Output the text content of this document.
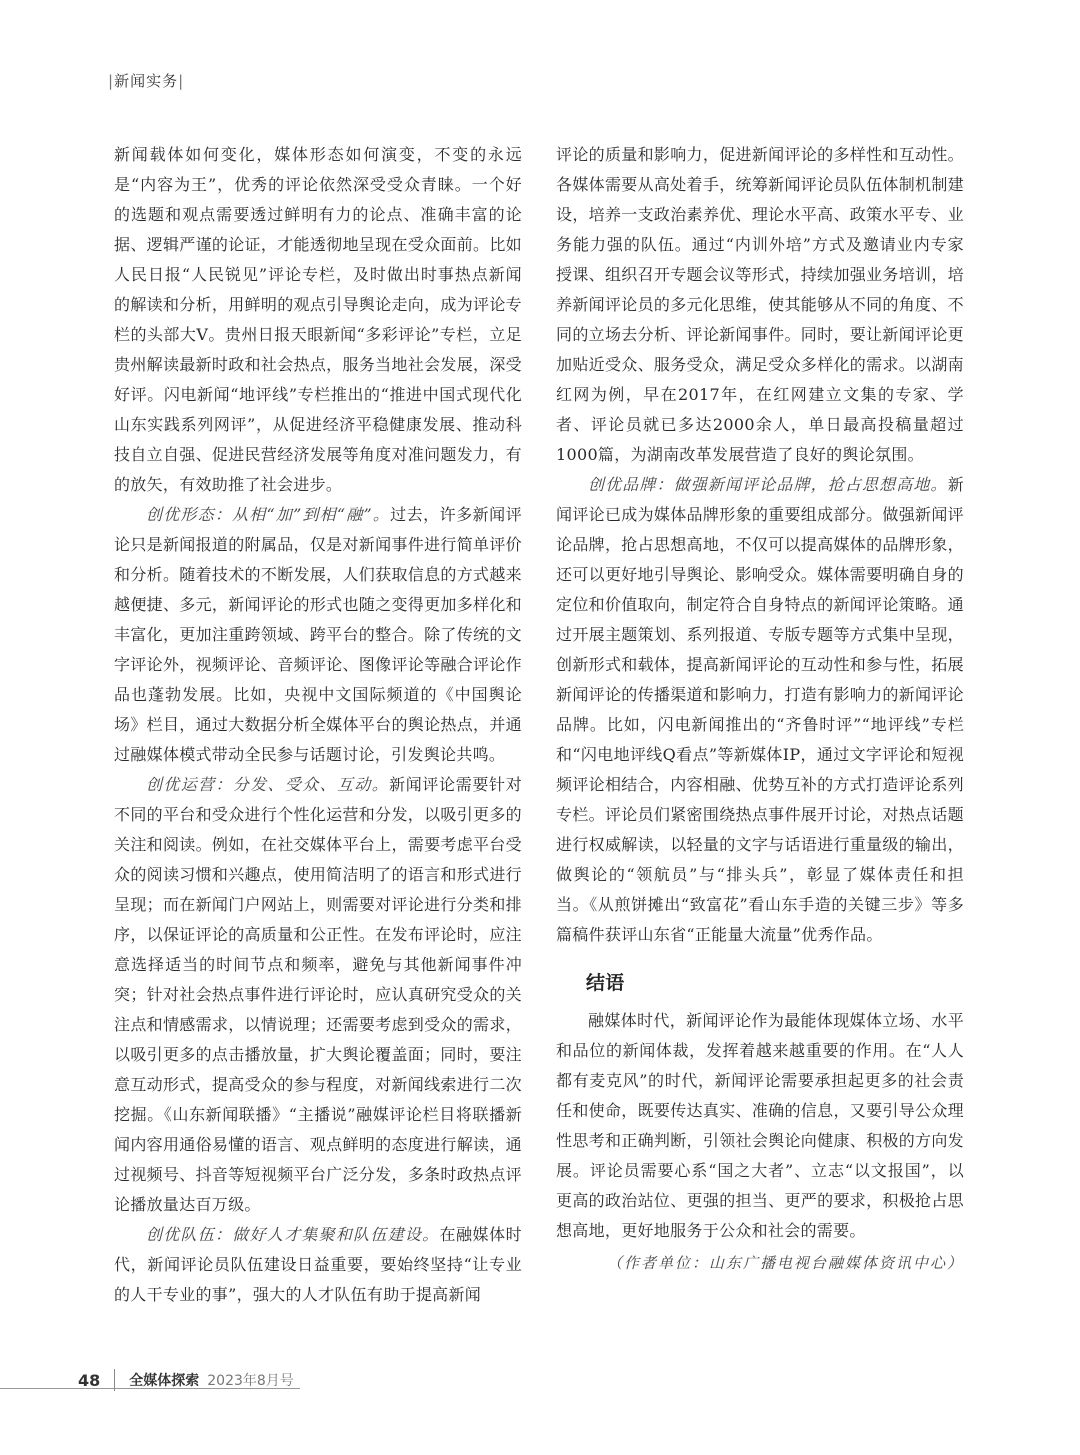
|新闻实务|

新闻载体如何变化，媒体形态如何演变，不变的永远是“内容为王”，优秀的评论依然深受受众青睐。一个好的选题和观点需要透过鲜明有力的论点、准确丰富的论据、逻辑严谨的论证，才能透彻地呈现在受众面前。比如人民日报“人民锐见”评论专栏，及时做出时事热点新闻的解读和分析，用鲜明的观点引导舆论走向，成为评论专栏的头部大V。贵州日报天眼新闻“多彩评论”专栏，立足贵州解读最新时政和社会热点，服务当地社会发展，深受好评。闪电新闻“地评线”专栏推出的“推进中国式现代化山东实践系列网评”，从促进经济平稳健康发展、推动科技自立自强、促进民营经济发展等角度对准问题发力，有的放矢，有效助推了社会进步。

创优形态：从相“加”到相“融”。过去，许多新闻评论只是新闻报道的附属品，仅是对新闻事件进行简单评价和分析。随着技术的不断发展，人们获取信息的方式越来越便捷、多元，新闻评论的形式也随之变得更加多样化和丰富化，更加注重跨领域、跨平台的整合。除了传统的文字评论外，视频评论、音频评论、图像评论等融合评论作品也蓬勃发展。比如，央视中文国际频道的《中国舆论场》栏目，通过大数据分析全媒体平台的舆论热点，并通过融媒体模式带动全民参与话题讨论，引发舆论共鸣。

创优运营：分发、受众、互动。新闻评论需要针对不同的平台和受众进行个性化运营和分发，以吸引更多的关注和阅读。例如，在社交媒体平台上，需要考虑平台受众的阅读习惯和兴趣点，使用简洁明了的语言和形式进行呈现；而在新闻门户网站上，则需要对评论进行分类和排序，以保证评论的高质量和公正性。在发布评论时，应注意选择适当的时间节点和频率，避免与其他新闻事件冲突；针对社会热点事件进行评论时，应认真研究受众的关注点和情感需求，以情说理；还需要考虑到受众的需求，以吸引更多的点击播放量，扩大舆论覆盖面；同时，要注意互动形式，提高受众的参与程度，对新闻线索进行二次挖掘。《山东新闻联播》“主播说”融媒评论栏目将联播新闻内容用通俗易懂的语言、观点鲜明的态度进行解读，通过视频号、抖音等短视频平台广泛分发，多条时政热点评论播放量达百万级。

创优队伍：做好人才集聚和队伍建设。在融媒体时代，新闻评论员队伍建设日益重要，要始终坚持“让专业的人干专业的事”，强大的人才队伍有助于提高新闻

评论的质量和影响力，促进新闻评论的多样性和互动性。各媒体需要从高处着手，统筹新闻评论员队伍体制机制建设，培养一支政治素养优、理论水平高、政策水平专、业务能力强的队伍。通过“内训外培”方式及邀请业内专家授课、组织召开专题会议等形式，持续加强业务培训，培养新闻评论员的多元化思维，使其能够从不同的角度、不同的立场去分析、评论新闻事件。同时，要让新闻评论更加贴近受众、服务受众，满足受众多样化的需求。以湖南红网为例，早在2017年，在红网建立文集的专家、学者、评论员就已多达2000余人，单日最高投稿量超过1000篇，为湖南改革发展营造了良好的舆论氛围。

创优品牌：做强新闻评论品牌，抢占思想高地。新闻评论已成为媒体品牌形象的重要组成部分。做强新闻评论品牌，抢占思想高地，不仅可以提高媒体的品牌形象，还可以更好地引导舆论、影响受众。媒体需要明确自身的定位和价值取向，制定符合自身特点的新闻评论策略。通过开展主题策划、系列报道、专版专题等方式集中呈现，创新形式和载体，提高新闻评论的互动性和参与性，拓展新闻评论的传播渠道和影响力，打造有影响力的新闻评论品牌。比如，闪电新闻推出的“齐鲁时评”“地评线”专栏和“闪电地评线Q看点”等新媒体IP，通过文字评论和短视频评论相结合，内容相融、优势互补的方式打造评论系列专栏。评论员们紧密围绕热点事件展开讨论，对热点话题进行权威解读，以轻量的文字与话语进行重量级的输出，做舆论的“领航员”与“排头兵”，彰显了媒体责任和担当。《从煎饼摊出“致富花”看山东手造的关键三步》等多篇稿件获评山东省“正能量大流量”优秀作品。

结语

融媒体时代，新闻评论作为最能体现媒体立场、水平和品位的新闻体裁，发挥着越来越重要的作用。在“人人都有麦克风”的时代，新闻评论需要承担起更多的社会责任和使命，既要传达真实、准确的信息，又要引导公众理性思考和正确判断，引领社会舆论向健康、积极的方向发展。评论员需要心系“国之大者”、立志“以文报国”，以更高的政治站位、更强的担当、更严的要求，积极抢占思想高地，更好地服务于公众和社会的需要。

（作者单位：山东广播电视台融媒体资讯中心）
48 全媒体探索 2023年8月号
